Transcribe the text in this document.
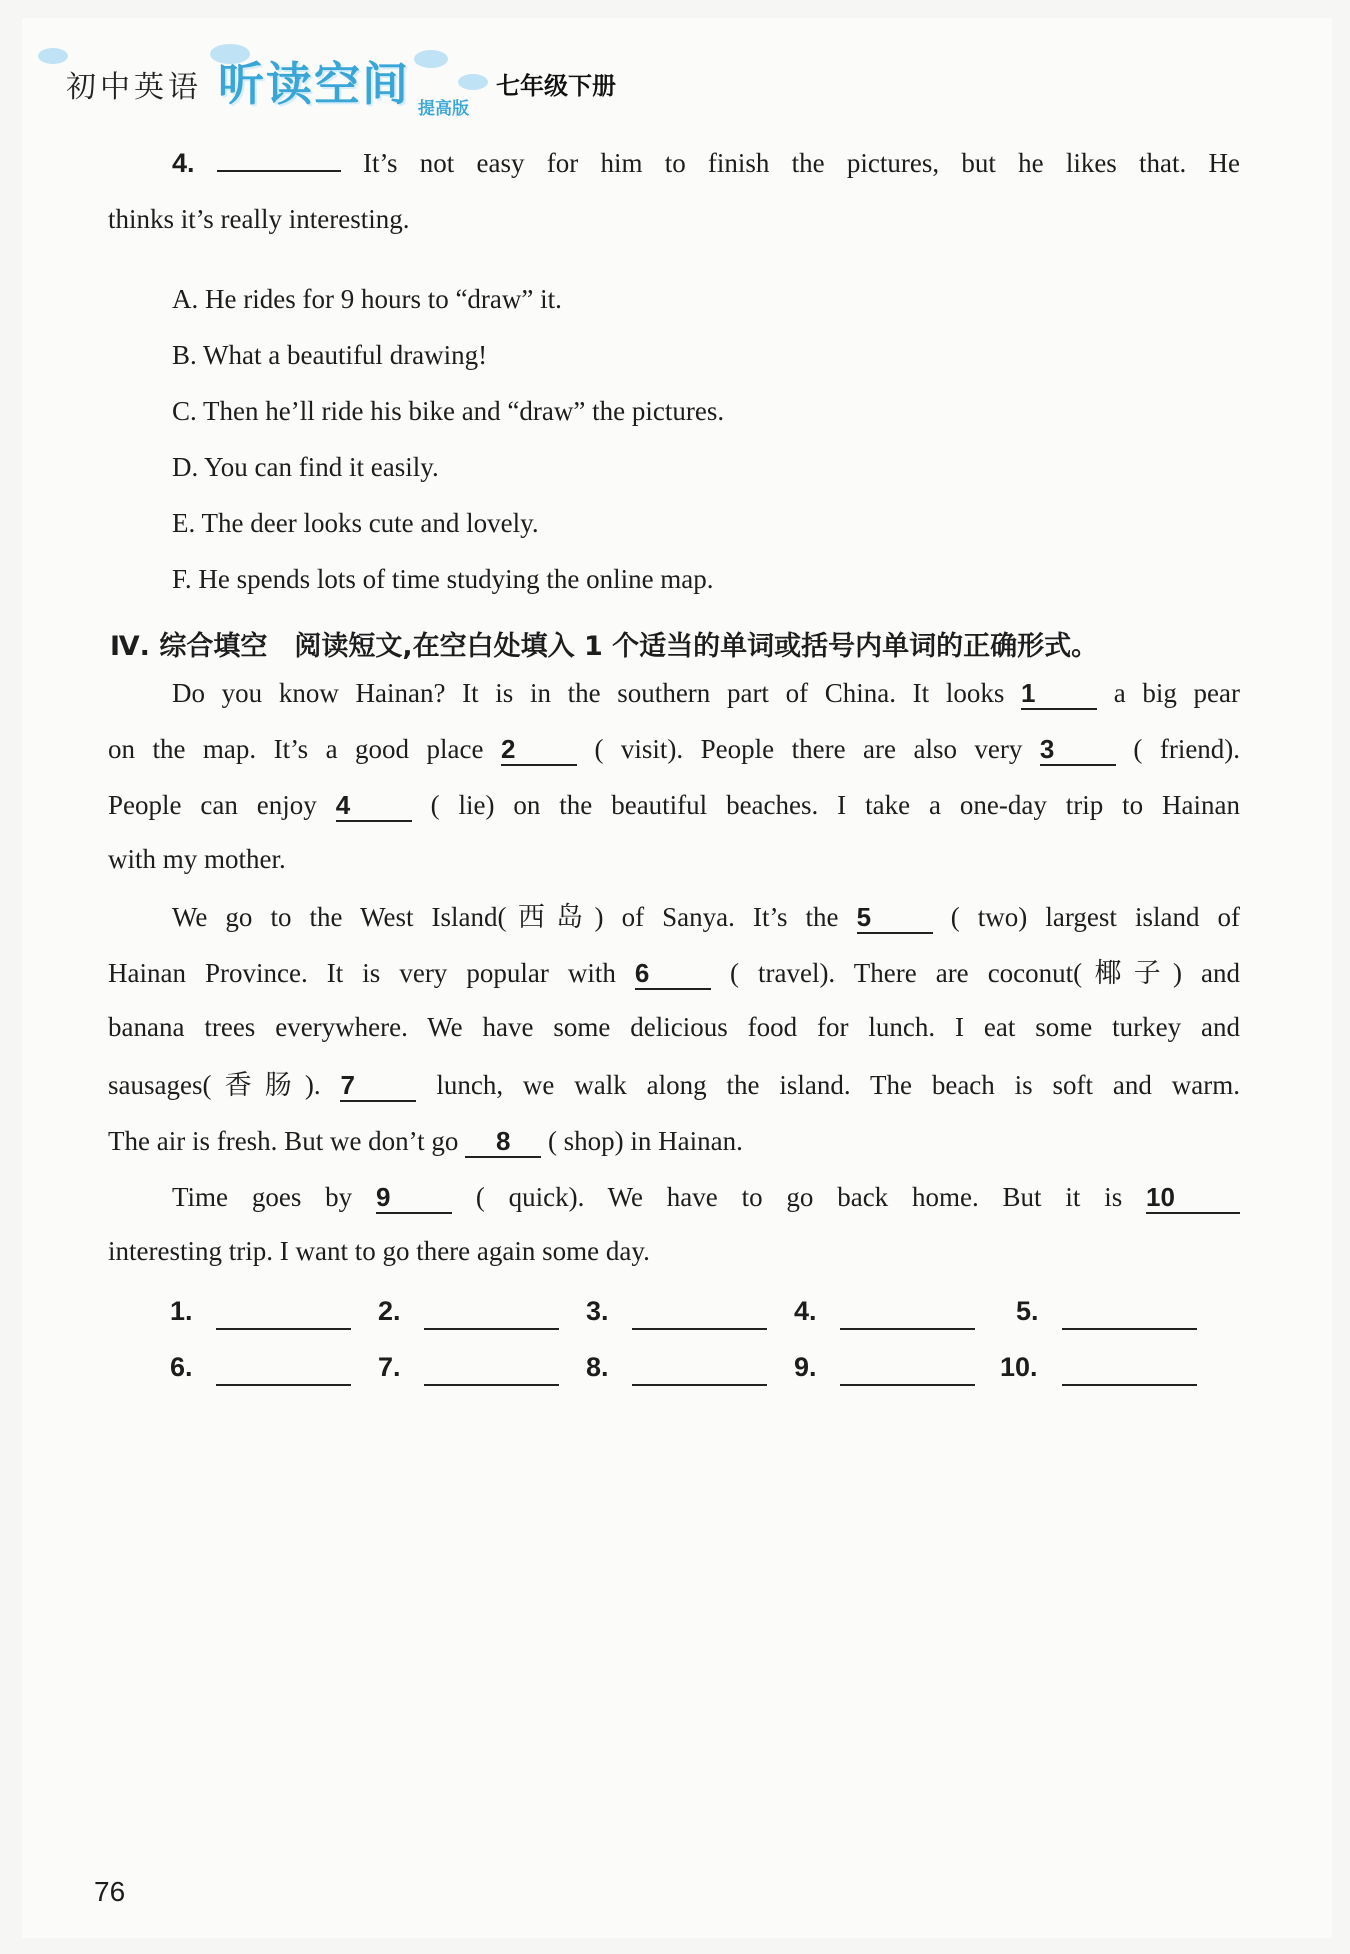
初中英语 听读空间 提高版
七年级下册
4.	It’s not easy for him to finish the pictures, but he likes that. He
thinks it’s really interesting.
A. He rides for 9 hours to “draw” it.
B. What a beautiful drawing!
C. Then he’ll ride his bike and “draw” the pictures.
D. You can find it easily.
E. The deer looks cute and lovely.
F. He spends lots of time studying the online map.
Ⅳ. 综合填空　阅读短文,在空白处填入 1 个适当的单词或括号内单词的正确形式。
Do you know Hainan? It is in the southern part of China. It looks 1	a big pear
on the map. It’s a good place 2	( visit). People there are also very 3	( friend).
People can enjoy 4	( lie) on the beautiful beaches. I take a one-day trip to Hainan
with my mother.
We go to the West Island(西岛) of Sanya. It’s the 5	( two) largest island of
Hainan Province. It is very popular with 6	( travel). There are coconut(椰子) and
banana trees everywhere. We have some delicious food for lunch. I eat some turkey and
sausages(香肠). 7	lunch, we walk along the island. The beach is soft and warm.
The air is fresh. But we don’t go 8 ( shop) in Hainan.
Time goes by 9	( quick). We have to go back home. But it is 10
interesting trip. I want to go there again some day.
1.	2.	3.	4.	5.
6.	7.	8.	9.	10.
76
